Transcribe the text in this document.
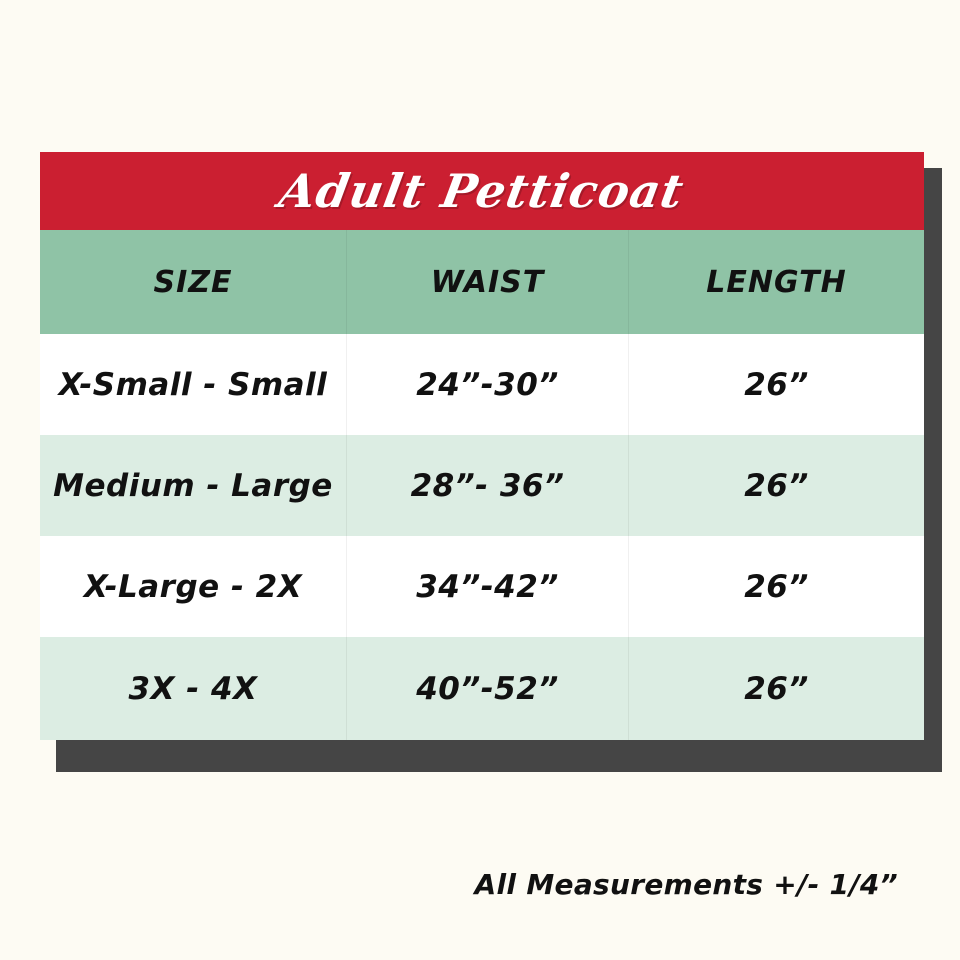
Adult Petticoat
SIZE	WAIST	LENGTH
X-Small - Small	24”-30”	26”
Medium - Large	28”- 36”	26”
X-Large - 2X	34”-42”	26”
3X - 4X	40”-52”	26”
All Measurements +/- 1/4”
